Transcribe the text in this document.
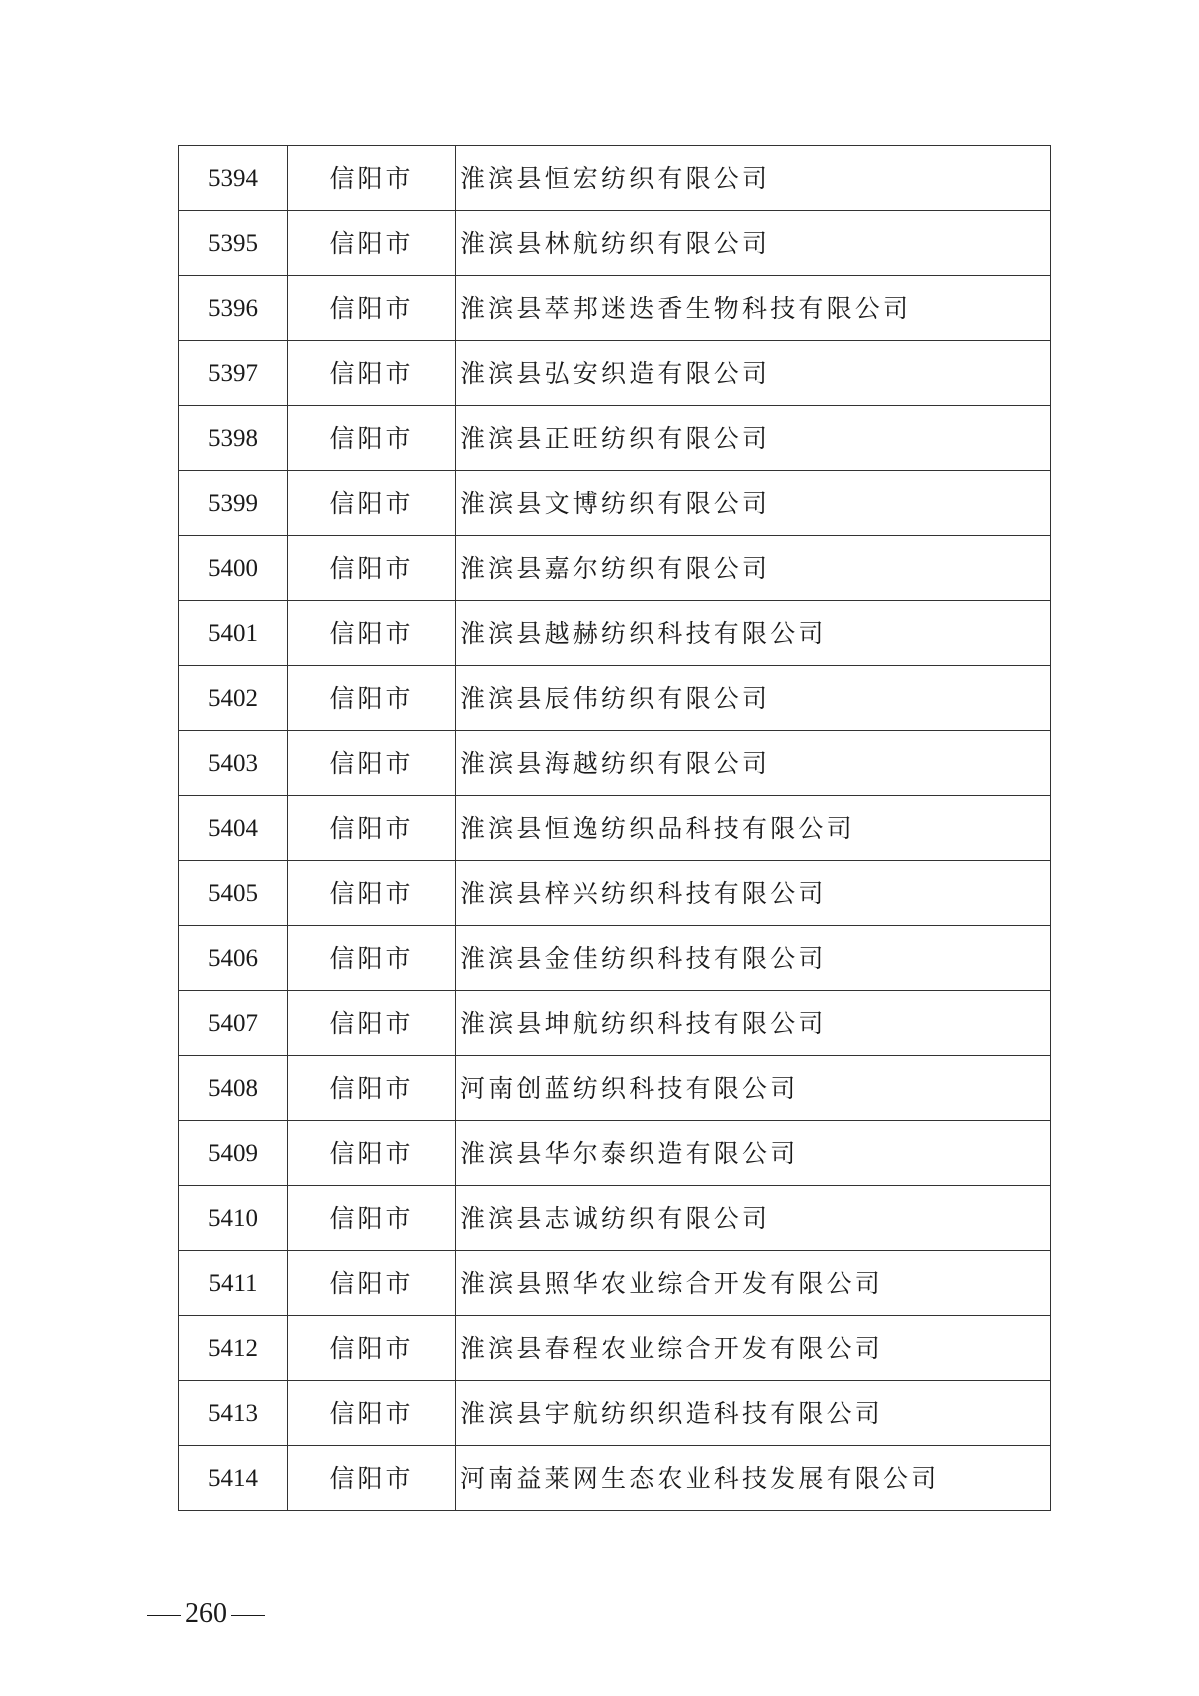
5394	信阳市	淮滨县恒宏纺织有限公司
5395	信阳市	淮滨县林航纺织有限公司
5396	信阳市	淮滨县萃邦迷迭香生物科技有限公司
5397	信阳市	淮滨县弘安织造有限公司
5398	信阳市	淮滨县正旺纺织有限公司
5399	信阳市	淮滨县文博纺织有限公司
5400	信阳市	淮滨县嘉尔纺织有限公司
5401	信阳市	淮滨县越赫纺织科技有限公司
5402	信阳市	淮滨县辰伟纺织有限公司
5403	信阳市	淮滨县海越纺织有限公司
5404	信阳市	淮滨县恒逸纺织品科技有限公司
5405	信阳市	淮滨县梓兴纺织科技有限公司
5406	信阳市	淮滨县金佳纺织科技有限公司
5407	信阳市	淮滨县坤航纺织科技有限公司
5408	信阳市	河南创蓝纺织科技有限公司
5409	信阳市	淮滨县华尔泰织造有限公司
5410	信阳市	淮滨县志诚纺织有限公司
5411	信阳市	淮滨县照华农业综合开发有限公司
5412	信阳市	淮滨县春程农业综合开发有限公司
5413	信阳市	淮滨县宇航纺织织造科技有限公司
5414	信阳市	河南益莱网生态农业科技发展有限公司
260
